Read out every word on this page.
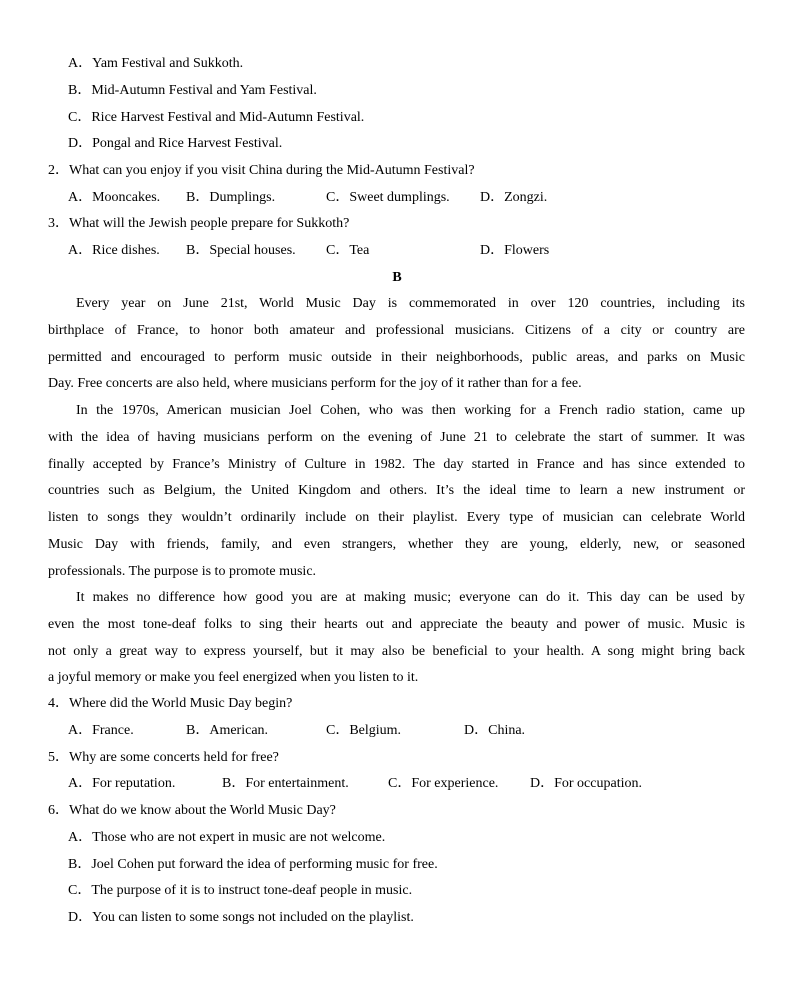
A．Yam Festival and Sukkoth.
B．Mid-Autumn Festival and Yam Festival.
C．Rice Harvest Festival and Mid-Autumn Festival.
D．Pongal and Rice Harvest Festival.
2．What can you enjoy if you visit China during the Mid-Autumn Festival?
A．Mooncakes. B．Dumplings.	C．Sweet dumplings. D．Zongzi.
3．What will the Jewish people prepare for Sukkoth?
A．Rice dishes. B．Special houses. C．Tea	D．Flowers
B
Every year on June 21st, World Music Day is commemorated in over 120 countries, including its
birthplace of France, to honor both amateur and professional musicians. Citizens of a city or country are
permitted and encouraged to perform music outside in their neighborhoods, public areas, and parks on Music
Day. Free concerts are also held, where musicians perform for the joy of it rather than for a fee.
In the 1970s, American musician Joel Cohen, who was then working for a French radio station, came up
with the idea of having musicians perform on the evening of June 21 to celebrate the start of summer. It was
finally accepted by France’s Ministry of Culture in 1982. The day started in France and has since extended to
countries such as Belgium, the United Kingdom and others. It’s the ideal time to learn a new instrument or
listen to songs they wouldn’t ordinarily include on their playlist. Every type of musician can celebrate World
Music Day with friends, family, and even strangers, whether they are young, elderly, new, or seasoned
professionals. The purpose is to promote music.
It makes no difference how good you are at making music; everyone can do it. This day can be used by
even the most tone-deaf folks to sing their hearts out and appreciate the beauty and power of music. Music is
not only a great way to express yourself, but it may also be beneficial to your health. A song might bring back
a joyful memory or make you feel energized when you listen to it.
4．Where did the World Music Day begin?
A．France.	B．American.	C．Belgium.	D．China.
5．Why are some concerts held for free?
A．For reputation.	B．For entertainment.	C．For experience. D．For occupation.
6．What do we know about the World Music Day?
A．Those who are not expert in music are not welcome.
B．Joel Cohen put forward the idea of performing music for free.
C．The purpose of it is to instruct tone-deaf people in music.
D．You can listen to some songs not included on the playlist.
